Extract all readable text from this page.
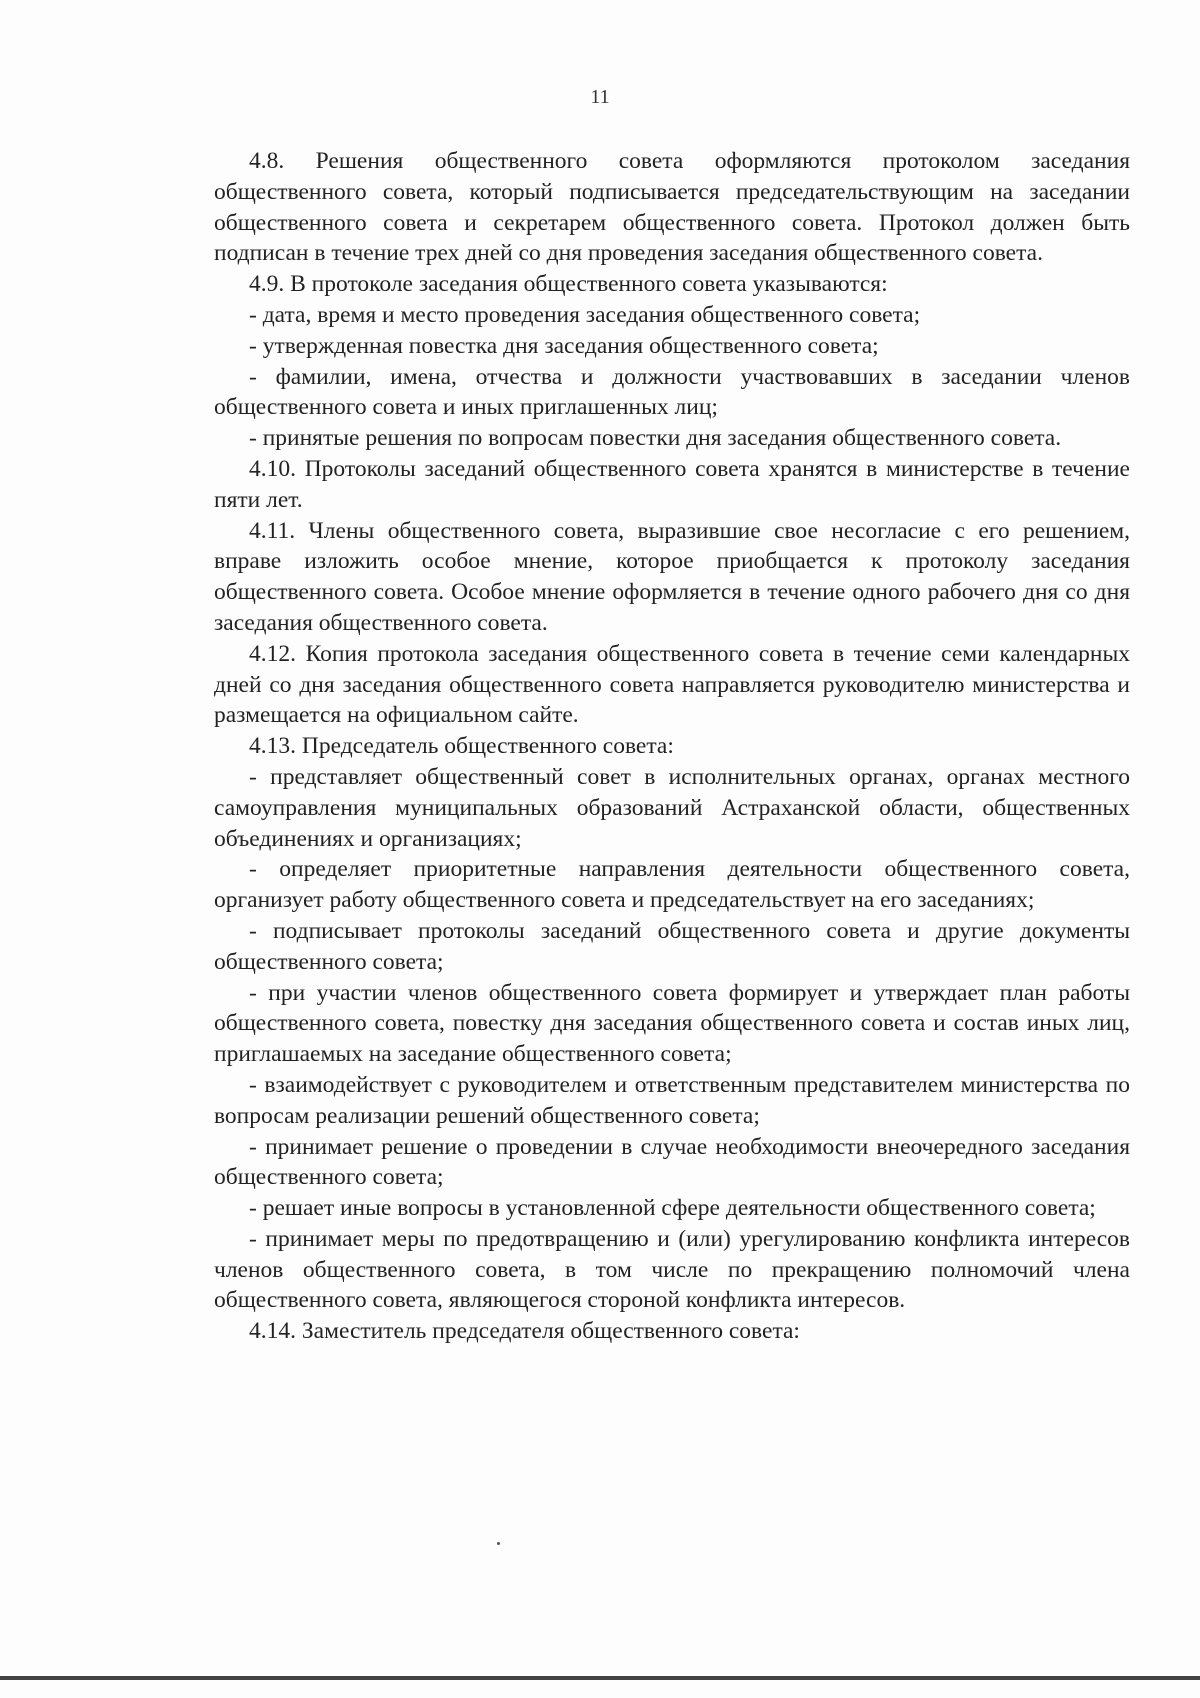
11

4.8. Решения общественного совета оформляются протоколом заседания общественного совета, который подписывается председательствующим на заседании общественного совета и секретарем общественного совета. Протокол должен быть подписан в течение трех дней со дня проведения заседания общественного совета.

4.9. В протоколе заседания общественного совета указываются:

- дата, время и место проведения заседания общественного совета;

- утвержденная повестка дня заседания общественного совета;

- фамилии, имена, отчества и должности участвовавших в заседании членов общественного совета и иных приглашенных лиц;

- принятые решения по вопросам повестки дня заседания общественного совета.

4.10. Протоколы заседаний общественного совета хранятся в министерстве в течение пяти лет.

4.11. Члены общественного совета, выразившие свое несогласие с его решением, вправе изложить особое мнение, которое приобщается к протоколу заседания общественного совета. Особое мнение оформляется в течение одного рабочего дня со дня заседания общественного совета.

4.12. Копия протокола заседания общественного совета в течение семи календарных дней со дня заседания общественного совета направляется руководителю министерства и размещается на официальном сайте.

4.13. Председатель общественного совета:

- представляет общественный совет в исполнительных органах, органах местного самоуправления муниципальных образований Астраханской области, общественных объединениях и организациях;

- определяет приоритетные направления деятельности общественного совета, организует работу общественного совета и председательствует на его заседаниях;

- подписывает протоколы заседаний общественного совета и другие документы общественного совета;

- при участии членов общественного совета формирует и утверждает план работы общественного совета, повестку дня заседания общественного совета и состав иных лиц, приглашаемых на заседание общественного совета;

- взаимодействует с руководителем и ответственным представителем министерства по вопросам реализации решений общественного совета;

- принимает решение о проведении в случае необходимости внеочередного заседания общественного совета;

- решает иные вопросы в установленной сфере деятельности общественного совета;

- принимает меры по предотвращению и (или) урегулированию конфликта интересов членов общественного совета, в том числе по прекращению полномочий члена общественного совета, являющегося стороной конфликта интересов.

4.14. Заместитель председателя общественного совета:
